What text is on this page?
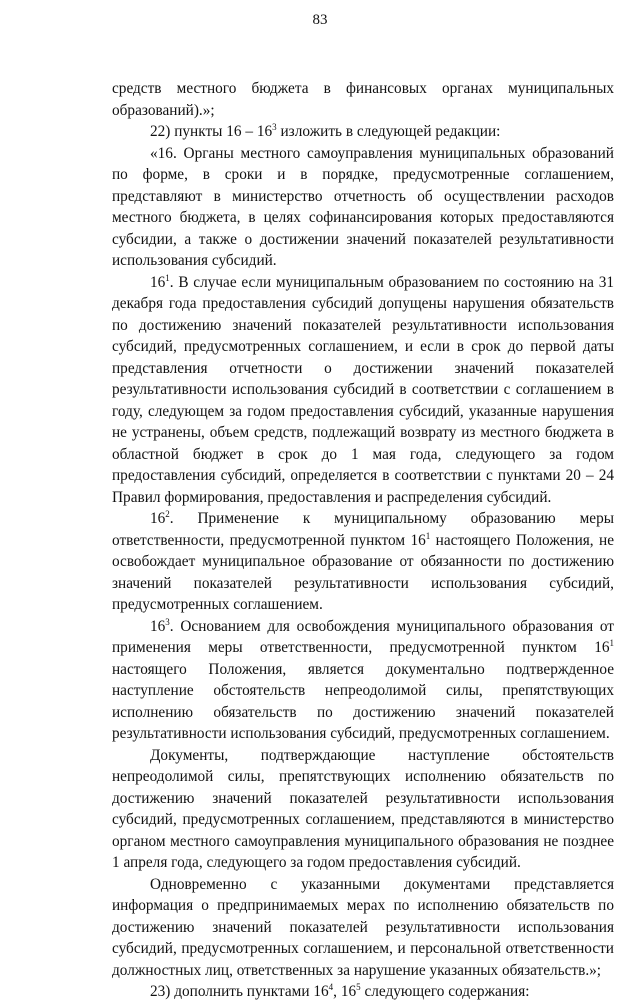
83

средств местного бюджета в финансовых органах муниципальных образований).»;

22) пункты $16 - 16^3$ изложить в следующей редакции:

«16. Органы местного самоуправления муниципальных образований по форме, в сроки и в порядке, предусмотренные соглашением, представляют в министерство отчетность об осуществлении расходов местного бюджета, в целях софинансирования которых предоставляются субсидии, а также о достижении значений показателей результативности использования субсидий.

$16^1$. В случае если муниципальным образованием по состоянию на 31 декабря года предоставления субсидий допущены нарушения обязательств по достижению значений показателей результативности использования субсидий, предусмотренных соглашением, и если в срок до первой даты представления отчетности о достижении значений показателей результативности использования субсидий в соответствии с соглашением в году, следующем за годом предоставления субсидий, указанные нарушения не устранены, объем средств, подлежащий возврату из местного бюджета в областной бюджет в срок до 1 мая года, следующего за годом предоставления субсидий, определяется в соответствии с пунктами 20 – 24 Правил формирования, предоставления и распределения субсидий.

$16^2$. Применение к муниципальному образованию меры ответственности, предусмотренной пунктом $16^1$ настоящего Положения, не освобождает муниципальное образование от обязанности по достижению значений показателей результативности использования субсидий, предусмотренных соглашением.

$16^3$. Основанием для освобождения муниципального образования от применения меры ответственности, предусмотренной пунктом $16^1$ настоящего Положения, является документально подтвержденное наступление обстоятельств непреодолимой силы, препятствующих исполнению обязательств по достижению значений показателей результативности использования субсидий, предусмотренных соглашением.

Документы, подтверждающие наступление обстоятельств непреодолимой силы, препятствующих исполнению обязательств по достижению значений показателей результативности использования субсидий, предусмотренных соглашением, представляются в министерство органом местного самоуправления муниципального образования не позднее 1 апреля года, следующего за годом предоставления субсидий.

Одновременно с указанными документами представляется информация о предпринимаемых мерах по исполнению обязательств по достижению значений показателей результативности использования субсидий, предусмотренных соглашением, и персональной ответственности должностных лиц, ответственных за нарушение указанных обязательств.»;

23) дополнить пунктами $16^4$, $16^5$ следующего содержания:
